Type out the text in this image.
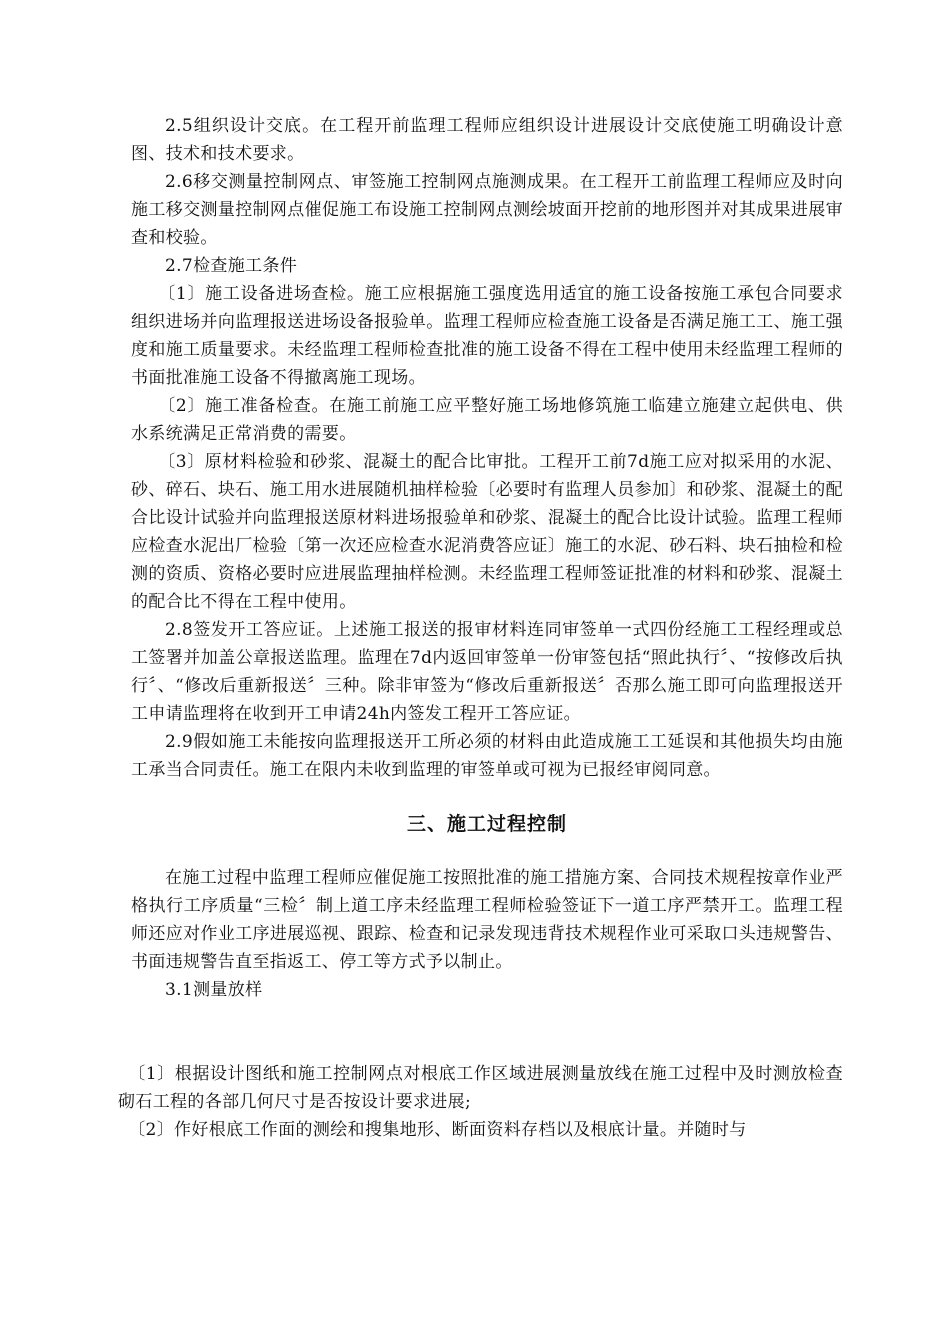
2.5组织设计交底。在工程开前监理工程师应组织设计进展设计交底使施工明确设计意图、技术和技术要求。

2.6移交测量控制网点、审签施工控制网点施测成果。在工程开工前监理工程师应及时向施工移交测量控制网点催促施工布设施工控制网点测绘坡面开挖前的地形图并对其成果进展审查和校验。

2.7检查施工条件

〔1〕施工设备进场查检。施工应根据施工强度选用适宜的施工设备按施工承包合同要求组织进场并向监理报送进场设备报验单。监理工程师应检查施工设备是否满足施工工、施工强度和施工质量要求。未经监理工程师检查批准的施工设备不得在工程中使用未经监理工程师的书面批准施工设备不得撤离施工现场。

〔2〕施工准备检查。在施工前施工应平整好施工场地修筑施工临建立施建立起供电、供水系统满足正常消费的需要。

〔3〕原材料检验和砂浆、混凝土的配合比审批。工程开工前7d施工应对拟采用的水泥、砂、碎石、块石、施工用水进展随机抽样检验〔必要时有监理人员参加〕和砂浆、混凝土的配合比设计试验并向监理报送原材料进场报验单和砂浆、混凝土的配合比设计试验。监理工程师应检查水泥出厂检验〔第一次还应检查水泥消费答应证〕施工的水泥、砂石料、块石抽检和检测的资质、资格必要时应进展监理抽样检测。未经监理工程师签证批准的材料和砂浆、混凝土的配合比不得在工程中使用。

2.8签发开工答应证。上述施工报送的报审材料连同审签单一式四份经施工工程经理或总工签署并加盖公章报送监理。监理在7d内返回审签单一份审签包括“照此执行〞、“按修改后执行〞、“修改后重新报送〞三种。除非审签为“修改后重新报送〞否那么施工即可向监理报送开工申请监理将在收到开工申请24h内签发工程开工答应证。

2.9假如施工未能按向监理报送开工所必须的材料由此造成施工工延误和其他损失均由施工承当合同责任。施工在限内未收到监理的审签单或可视为已报经审阅同意。

三、施工过程控制

在施工过程中监理工程师应催促施工按照批准的施工措施方案、合同技术规程按章作业严格执行工序质量“三检〞制上道工序未经监理工程师检验签证下一道工序严禁开工。监理工程师还应对作业工序进展巡视、跟踪、检查和记录发现违背技术规程作业可采取口头违规警告、书面违规警告直至指返工、停工等方式予以制止。

3.1测量放样

〔1〕根据设计图纸和施工控制网点对根底工作区域进展测量放线在施工过程中及时测放检查砌石工程的各部几何尺寸是否按设计要求进展;

〔2〕作好根底工作面的测绘和搜集地形、断面资料存档以及根底计量。并随时与
